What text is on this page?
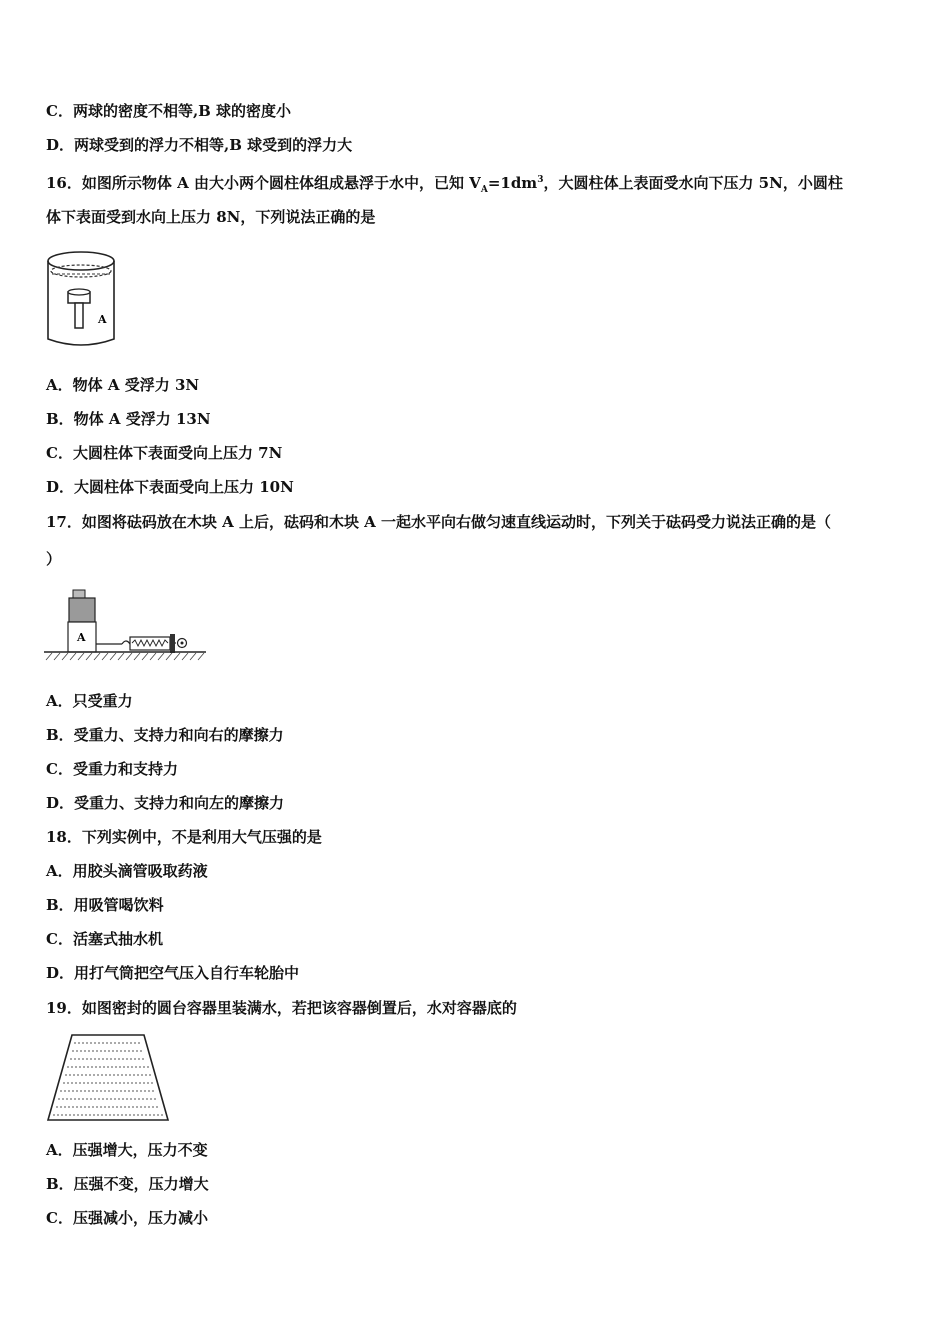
C．两球的密度不相等,B 球的密度小
D．两球受到的浮力不相等,B 球受到的浮力大
16．如图所示物体 A 由大小两个圆柱体组成悬浮于水中，已知 $V_A=1dm^3$，大圆柱体上表面受水向下压力 5N，小圆柱
体下表面受到水向上压力 8N，下列说法正确的是
A
A．物体 A 受浮力 3N
B．物体 A 受浮力 13N
C．大圆柱体下表面受向上压力 7N
D．大圆柱体下表面受向上压力 10N
17．如图将砝码放在木块 A 上后，砝码和木块 A 一起水平向右做匀速直线运动时，下列关于砝码受力说法正确的是（
）
A
A．只受重力
B．受重力、支持力和向右的摩擦力
C．受重力和支持力
D．受重力、支持力和向左的摩擦力
18．下列实例中，不是利用大气压强的是
A．用胶头滴管吸取药液
B．用吸管喝饮料
C．活塞式抽水机
D．用打气筒把空气压入自行车轮胎中
19．如图密封的圆台容器里装满水，若把该容器倒置后，水对容器底的
A．压强增大，压力不变
B．压强不变，压力增大
C．压强减小，压力减小
